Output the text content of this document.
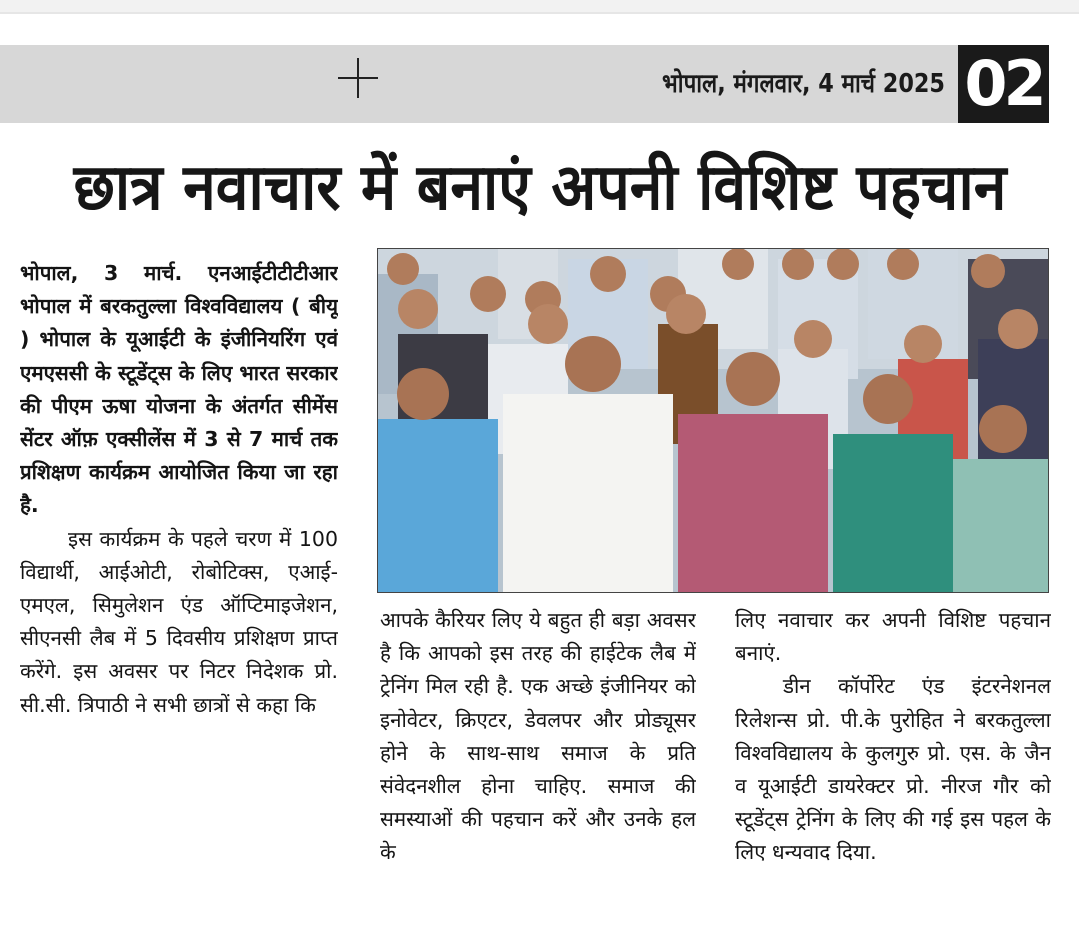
भोपाल, मंगलवार, 4 मार्च 2025 02
छात्र नवाचार में बनाएं अपनी विशिष्ट पहचान

भोपाल, 3 मार्च. एनआईटीटीटीआर भोपाल में बरकतुल्ला विश्वविद्यालय ( बीयू ) भोपाल के यूआईटी के इंजीनियरिंग एवं एमएससी के स्टूडेंट्स के लिए भारत सरकार की पीएम ऊषा योजना के अंतर्गत सीमेंस सेंटर ऑफ़ एक्सीलेंस में 3 से 7 मार्च तक प्रशिक्षण कार्यक्रम आयोजित किया जा रहा है.

इस कार्यक्रम के पहले चरण में 100 विद्यार्थी, आईओटी, रोबोटिक्स, एआई-एमएल, सिमुलेशन एंड ऑप्टिमाइजेशन, सीएनसी लैब में 5 दिवसीय प्रशिक्षण प्राप्त करेंगे. इस अवसर पर निटर निदेशक प्रो. सी.सी. त्रिपाठी ने सभी छात्रों से कहा कि

आपके कैरियर लिए ये बहुत ही बड़ा अवसर है कि आपको इस तरह की हाईटेक लैब में ट्रेनिंग मिल रही है. एक अच्छे इंजीनियर को इनोवेटर, क्रिएटर, डेवलपर और प्रोड्यूसर होने के साथ-साथ समाज के प्रति संवेदनशील होना चाहिए. समाज की समस्याओं की पहचान करें और उनके हल के

लिए नवाचार कर अपनी विशिष्ट पहचान बनाएं.

डीन कॉर्पोरेट एंड इंटरनेशनल रिलेशन्स प्रो. पी.के पुरोहित ने बरकतुल्ला विश्वविद्यालय के कुलगुरु प्रो. एस. के जैन व यूआईटी डायरेक्टर प्रो. नीरज गौर को स्टूडेंट्स ट्रेनिंग के लिए की गई इस पहल के लिए धन्यवाद दिया.
